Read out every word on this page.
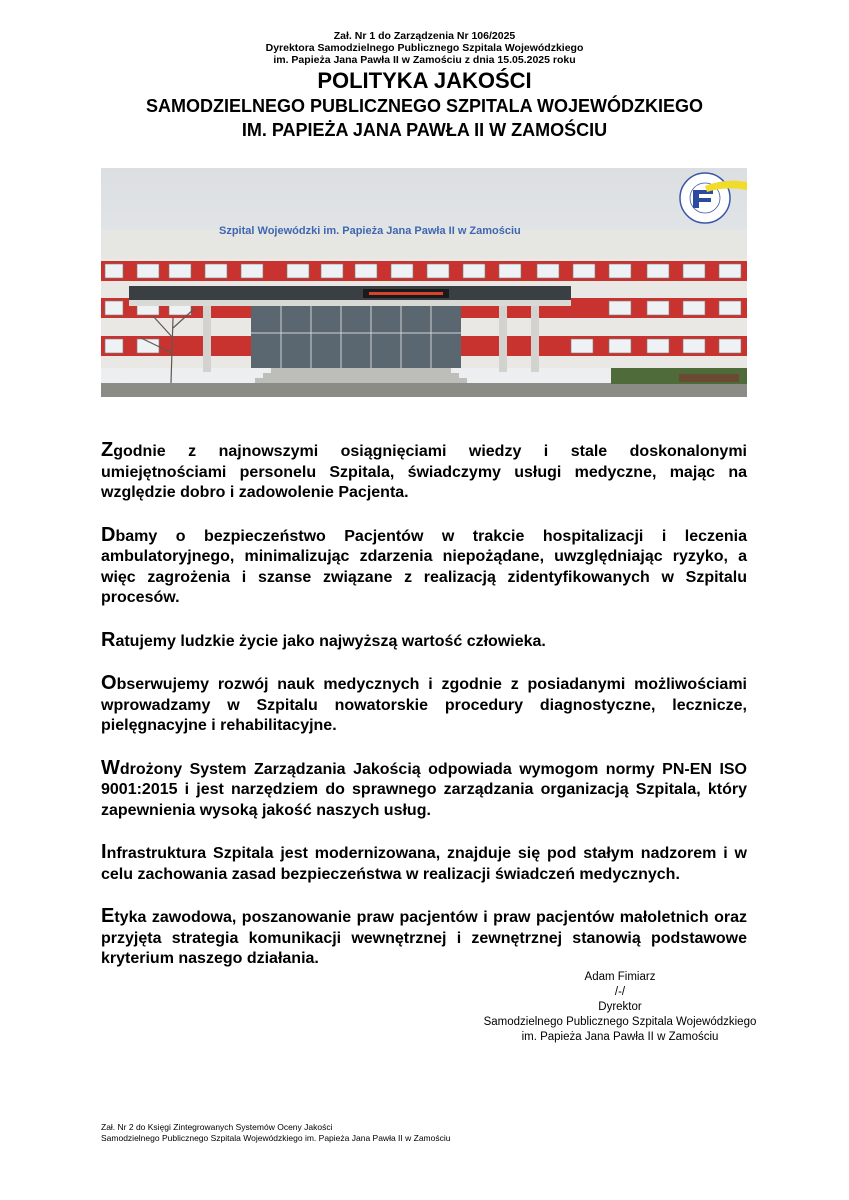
Zał. Nr 1 do Zarządzenia Nr 106/2025
Dyrektora Samodzielnego Publicznego Szpitala Wojewódzkiego
im. Papieża Jana Pawła II w Zamościu z dnia 15.05.2025 roku
POLITYKA JAKOŚCI
SAMODZIELNEGO PUBLICZNEGO SZPITALA WOJEWÓDZKIEGO
IM. PAPIEŻA JANA PAWŁA II W ZAMOŚCIU
Szpital Wojewódzki im. Papieża Jana Pawła II w Zamościu

Zgodnie z najnowszymi osiągnięciami wiedzy i stale doskonalonymi umiejętnościami personelu Szpitala, świadczymy usługi medyczne, mając na względzie dobro i zadowolenie Pacjenta.

Dbamy o bezpieczeństwo Pacjentów w trakcie hospitalizacji i leczenia ambulatoryjnego, minimalizując zdarzenia niepożądane, uwzględniając ryzyko, a więc zagrożenia i szanse związane z realizacją zidentyfikowanych w Szpitalu procesów.

Ratujemy ludzkie życie jako najwyższą wartość człowieka.

Obserwujemy rozwój nauk medycznych i zgodnie z posiadanymi możliwościami wprowadzamy w Szpitalu nowatorskie procedury diagnostyczne, lecznicze, pielęgnacyjne i rehabilitacyjne.

Wdrożony System Zarządzania Jakością odpowiada wymogom normy PN-EN ISO 9001:2015 i jest narzędziem do sprawnego zarządzania organizacją Szpitala, który zapewnienia wysoką jakość naszych usług.

Infrastruktura Szpitala jest modernizowana, znajduje się pod stałym nadzorem i w celu zachowania zasad bezpieczeństwa w realizacji świadczeń medycznych.

Etyka zawodowa, poszanowanie praw pacjentów i praw pacjentów małoletnich oraz przyjęta strategia komunikacji wewnętrznej i zewnętrznej stanowią podstawowe kryterium naszego działania.

Adam Fimiarz
/-/
Dyrektor
Samodzielnego Publicznego Szpitala Wojewódzkiego
im. Papieża Jana Pawła II w Zamościu
Zał. Nr 2 do Księgi Zintegrowanych Systemów Oceny Jakości
Samodzielnego Publicznego Szpitala Wojewódzkiego im. Papieża Jana Pawła II w Zamościu
